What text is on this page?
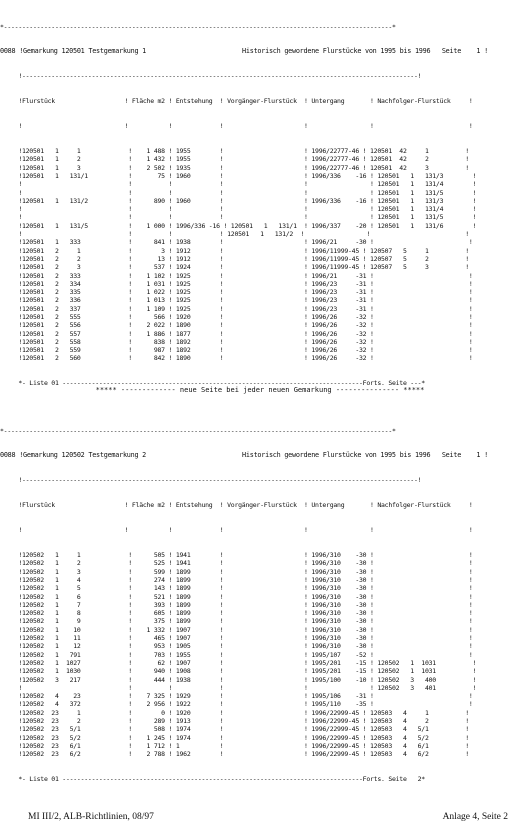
*----------------------------------------------------------------------------------------------------------*

0088 !Gemarkung 120501 Testgemarkung 1                         Historisch gewordene Flurstücke von 1995 bis 1996   Seite    1 !

!------------------------------------------------------------------------------------------------------------!

!Flurstück                   ! Fläche m2 ! Entstehung  ! Vorgänger-Flurstück  ! Untergang       ! Nachfolger-Flurstück     !

!                            !           !             !                      !                 !                          !

!120501   1     1             !    1 488 ! 1955        !                      ! 1996/22777-46 ! 120501  42     1          !
!120501   1     2             !    1 432 ! 1955        !                      ! 1996/22777-46 ! 120501  42     2          !
!120501   1     3             !    2 502 ! 1935        !                      ! 1996/22777-46 ! 120501  42     3          !
!120501   1   131/1           !       75 ! 1960        !                      ! 1996/336    -16 ! 120501   1   131/3        !
!                             !          !             !                      !                 ! 120501   1   131/4        !
!                             !          !             !                      !                 ! 120501   1   131/5        !
!120501   1   131/2           !      890 ! 1960        !                      ! 1996/336    -16 ! 120501   1   131/3        !
!                             !          !             !                      !                 ! 120501   1   131/4        !
!                             !          !             !                      !                 ! 120501   1   131/5        !
!120501   1   131/5           !    1 000 ! 1996/336 -16 ! 120501   1   131/1  ! 1996/337    -20 ! 120501   1   131/6        !
!                             !          !             ! 120501   1   131/2  !                 !                          !
!120501   1   333             !      841 ! 1938        !                      ! 1996/21     -30 !                          !
!120501   2     1             !        3 ! 1912        !                      ! 1996/11999-45 ! 120507   5     1          !
!120501   2     2             !       13 ! 1912        !                      ! 1996/11999-45 ! 120507   5     2          !
!120501   2     3             !      537 ! 1924        !                      ! 1996/11999-45 ! 120507   5     3          !
!120501   2   333             !    1 102 ! 1925        !                      ! 1996/21     -31 !                          !
!120501   2   334             !    1 031 ! 1925        !                      ! 1996/23     -31 !                          !
!120501   2   335             !    1 022 ! 1925        !                      ! 1996/23     -31 !                          !
!120501   2   336             !    1 013 ! 1925        !                      ! 1996/23     -31 !                          !
!120501   2   337             !    1 109 ! 1925        !                      ! 1996/23     -31 !                          !
!120501   2   555             !      566 ! 1920        !                      ! 1996/26     -32 !                          !
!120501   2   556             !    2 022 ! 1890        !                      ! 1996/26     -32 !                          !
!120501   2   557             !    1 886 ! 1877        !                      ! 1996/26     -32 !                          !
!120501   2   558             !      838 ! 1892        !                      ! 1996/26     -32 !                          !
!120501   2   559             !      987 ! 1892        !                      ! 1996/26     -32 !                          !
!120501   2   560             !      842 ! 1890        !                      ! 1996/26     -32 !                          !

*- Liste 01 ----------------------------------------------------------------------------------Forts. Seite ---*

***** ------------- neue Seite bei jeder neuen Gemarkung --------------- *****

*----------------------------------------------------------------------------------------------------------*

0088 !Gemarkung 120502 Testgemarkung 2                         Historisch gewordene Flurstücke von 1995 bis 1996   Seite    1 !

!------------------------------------------------------------------------------------------------------------!

!Flurstück                   ! Fläche m2 ! Entstehung  ! Vorgänger-Flurstück  ! Untergang       ! Nachfolger-Flurstück     !

!                            !           !             !                      !                 !                          !

!120502   1     1             !      505 ! 1941        !                      ! 1996/310    -30 !                          !
!120502   1     2             !      525 ! 1941        !                      ! 1996/310    -30 !                          !
!120502   1     3             !      599 ! 1899        !                      ! 1996/310    -30 !                          !
!120502   1     4             !      274 ! 1899        !                      ! 1996/310    -30 !                          !
!120502   1     5             !      143 ! 1899        !                      ! 1996/310    -30 !                          !
!120502   1     6             !      521 ! 1899        !                      ! 1996/310    -30 !                          !
!120502   1     7             !      393 ! 1899        !                      ! 1996/310    -30 !                          !
!120502   1     8             !      605 ! 1899        !                      ! 1996/310    -30 !                          !
!120502   1     9             !      375 ! 1899        !                      ! 1996/310    -30 !                          !
!120502   1    10             !    1 332 ! 1907        !                      ! 1996/310    -30 !                          !
!120502   1    11             !      465 ! 1907        !                      ! 1996/310    -30 !                          !
!120502   1    12             !      953 ! 1905        !                      ! 1996/310    -30 !                          !
!120502   1   791             !      703 ! 1955        !                      ! 1995/107    -52 !                          !
!120502   1  1027             !       62 ! 1907        !                      ! 1995/201    -15 ! 120502   1  1031          !
!120502   1  1030             !      940 ! 1908        !                      ! 1995/201    -15 ! 120502   1  1031          !
!120502   3   217             !      444 ! 1938        !                      ! 1995/100    -10 ! 120502   3   400          !
!                             !          !             !                      !                 ! 120502   3   401          !
!120502   4    23             !    7 325 ! 1929        !                      ! 1995/106    -31 !                          !
!120502   4   372             !    2 956 ! 1922        !                      ! 1995/110    -35 !                          !
!120502  23     1             !        0 ! 1920        !                      ! 1996/22999-45 ! 120503   4     1          !
!120502  23     2             !      289 ! 1913        !                      ! 1996/22999-45 ! 120503   4     2          !
!120502  23   5/1             !      508 ! 1974        !                      ! 1996/22999-45 ! 120503   4   5/1          !
!120502  23   5/2             !    1 245 ! 1974        !                      ! 1996/22999-45 ! 120503   4   5/2          !
!120502  23   6/1             !    1 712 ! 1           !                      ! 1996/22999-45 ! 120503   4   6/1          !
!120502  23   6/2             !    2 788 ! 1962        !                      ! 1996/22999-45 ! 120503   4   6/2          !

*- Liste 01 ----------------------------------------------------------------------------------Forts. Seite   2*

MI III/2, ALB-Richtlinien, 08/97	Anlage 4, Seite 2
